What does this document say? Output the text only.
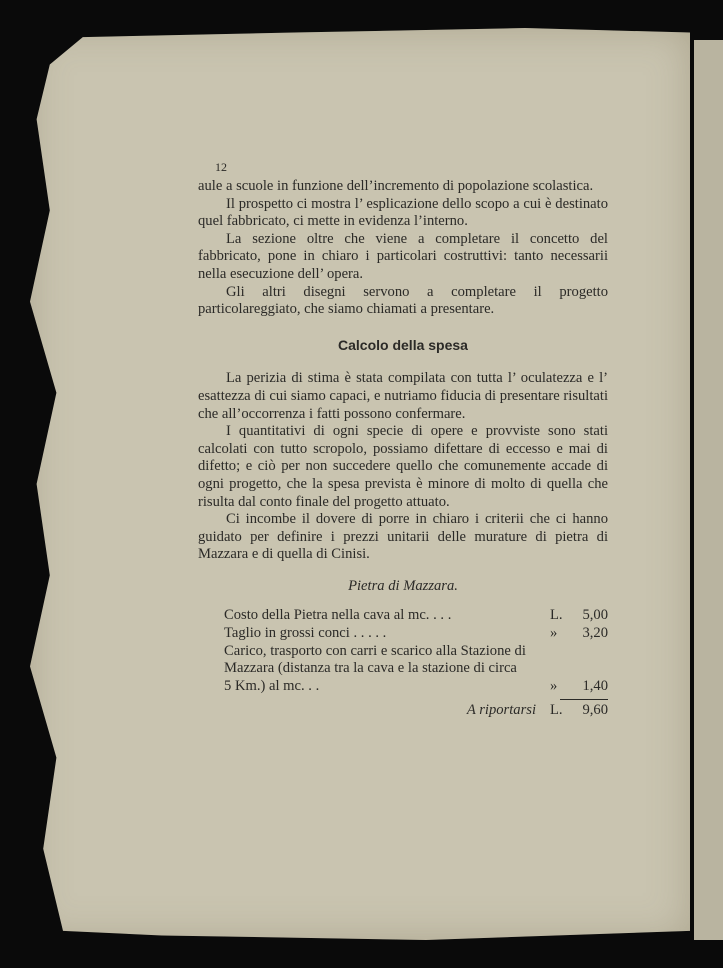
12

aule a scuole in funzione dell’incremento di popolazione scolastica.

Il prospetto ci mostra l’ esplicazione dello scopo a cui è destinato quel fabbricato, ci mette in evidenza l’interno.

La sezione oltre che viene a completare il concetto del fabbricato, pone in chiaro i particolari costruttivi: tanto necessarii nella esecuzione dell’ opera.

Gli altri disegni servono a completare il progetto particolareggiato, che siamo chiamati a presentare.

Calcolo della spesa

La perizia di stima è stata compilata con tutta l’ oculatezza e l’ esattezza di cui siamo capaci, e nutriamo fiducia di presentare risultati che all’occorrenza i fatti possono confermare.

I quantitativi di ogni specie di opere e provviste sono stati calcolati con tutto scropolo, possiamo difettare di eccesso e mai di difetto; e ciò per non succedere quello che comunemente accade di ogni progetto, che la spesa prevista è minore di molto di quella che risulta dal conto finale del progetto attuato.

Ci incombe il dovere di porre in chiaro i criterii che ci hanno guidato per definire i prezzi unitarii delle murature di pietra di Mazzara e di quella di Cinisi.

Pietra di Mazzara.
Costo della Pietra nella cava al mc. . . .	L.	5,00
Taglio in grossi conci . . . . .	»	3,20
Carico, trasporto con carri e scarico alla Stazione di Mazzara (distanza tra la cava e la stazione di circa 5 Km.) al mc. . .	»	1,40
A riportarsi L.	9,60
